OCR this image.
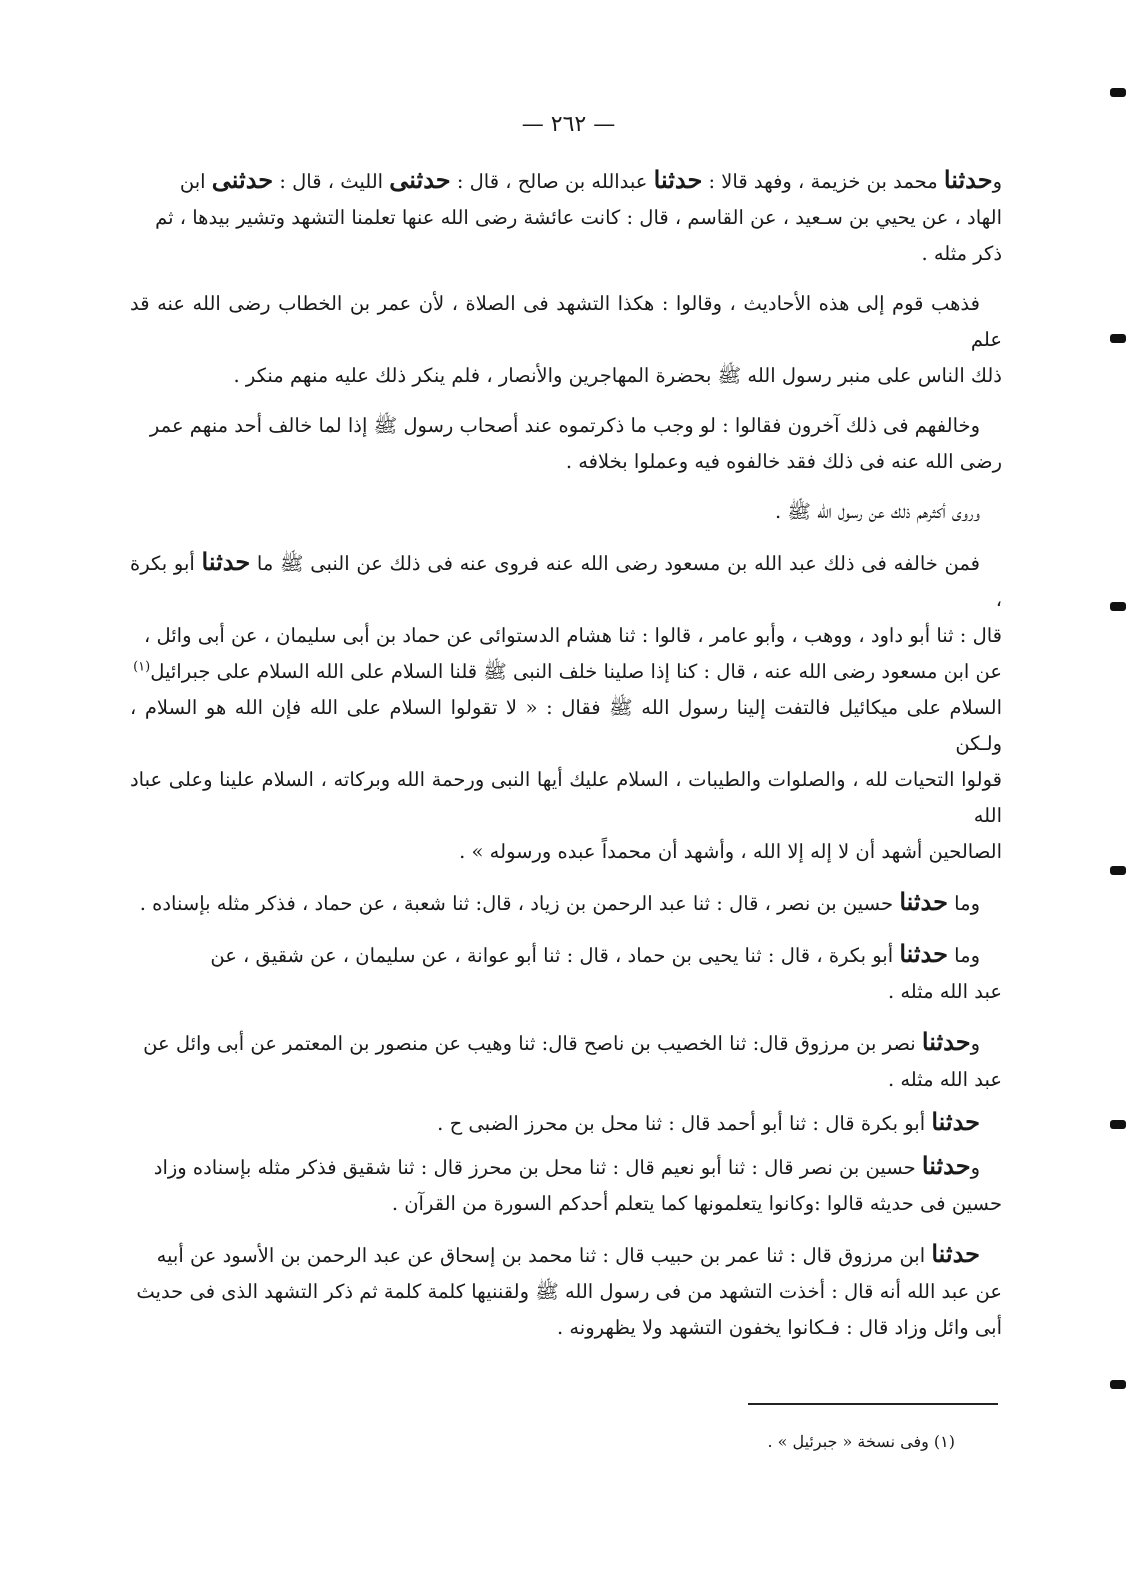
— ٢٦٢ —
وحدثنا محمد بن خزيمة ، وفهد قالا : حدثنا عبدالله بن صالح ، قال : حدثنى الليث ، قال : حدثنى ابن
الهاد ، عن يحيي بن سـعيد ، عن القاسم ، قال : كانت عائشة رضى الله عنها تعلمنا التشهد وتشير بيدها ، ثم
ذكر مثله .
فذهب قوم إلى هذه الأحاديث ، وقالوا : هكذا التشهد فى الصلاة ، لأن عمر بن الخطاب رضى الله عنه قد علم
ذلك الناس على منبر رسول الله ﷺ بحضرة المهاجرين والأنصار ، فلم ينكر ذلك عليه منهم منكر .
وخالفهم فى ذلك آخرون فقالوا : لو وجب ما ذكرتموه عند أصحاب رسول ﷺ إذا لما خالف أحد منهم عمر
رضى الله عنه فى ذلك فقد خالفوه فيه وعملوا بخلافه .
وروى أكثرهم ذلك عن رسول الله ﷺ .
فمن خالفه فى ذلك عبد الله بن مسعود رضى الله عنه فروى عنه فى ذلك عن النبى ﷺ ما حدثنا أبو بكرة ،
قال : ثنا أبو داود ، ووهب ، وأبو عامر ، قالوا : ثنا هشام الدستوائى عن حماد بن أبى سليمان ، عن أبى وائل ،
عن ابن مسعود رضى الله عنه ، قال : كنا إذا صلينا خلف النبى ﷺ قلنا السلام على الله السلام على جبرائيل$^{(١)}$
السلام على ميكائيل فالتفت إلينا رسول الله ﷺ فقال : « لا تقولوا السلام على الله فإن الله هو السلام ، ولـكن
قولوا التحيات لله ، والصلوات والطيبات ، السلام عليك أيها النبى ورحمة الله وبركاته ، السلام علينا وعلى عباد الله
الصالحين أشهد أن لا إله إلا الله ، وأشهد أن محمداً عبده ورسوله » .
وما حدثنا حسين بن نصر ، قال : ثنا عبد الرحمن بن زياد ، قال: ثنا شعبة ، عن حماد ، فذكر مثله بإسناده .
وما حدثنا أبو بكرة ، قال : ثنا يحيى بن حماد ، قال : ثنا أبو عوانة ، عن سليمان ، عن شقيق ، عن
عبد الله مثله .
وحدثنا نصر بن مرزوق قال: ثنا الخصيب بن ناصح قال: ثنا وهيب عن منصور بن المعتمر عن أبى وائل عن
عبد الله مثله .
حدثنا أبو بكرة قال : ثنا أبو أحمد قال : ثنا محل بن محرز الضبى ح .
وحدثنا حسين بن نصر قال : ثنا أبو نعيم قال : ثنا محل بن محرز قال : ثنا شقيق فذكر مثله بإسناده وزاد
حسين فى حديثه قالوا :وكانوا يتعلمونها كما يتعلم أحدكم السورة من القرآن .
حدثنا ابن مرزوق قال : ثنا عمر بن حبيب قال : ثنا محمد بن إسحاق عن عبد الرحمن بن الأسود عن أبيه
عن عبد الله أنه قال : أخذت التشهد من فى رسول الله ﷺ ولقننيها كلمة كلمة ثم ذكر التشهد الذى فى حديث
أبى وائل وزاد قال : فـكانوا يخفون التشهد ولا يظهرونه .
(١) وفى نسخة « جبرئيل » .
